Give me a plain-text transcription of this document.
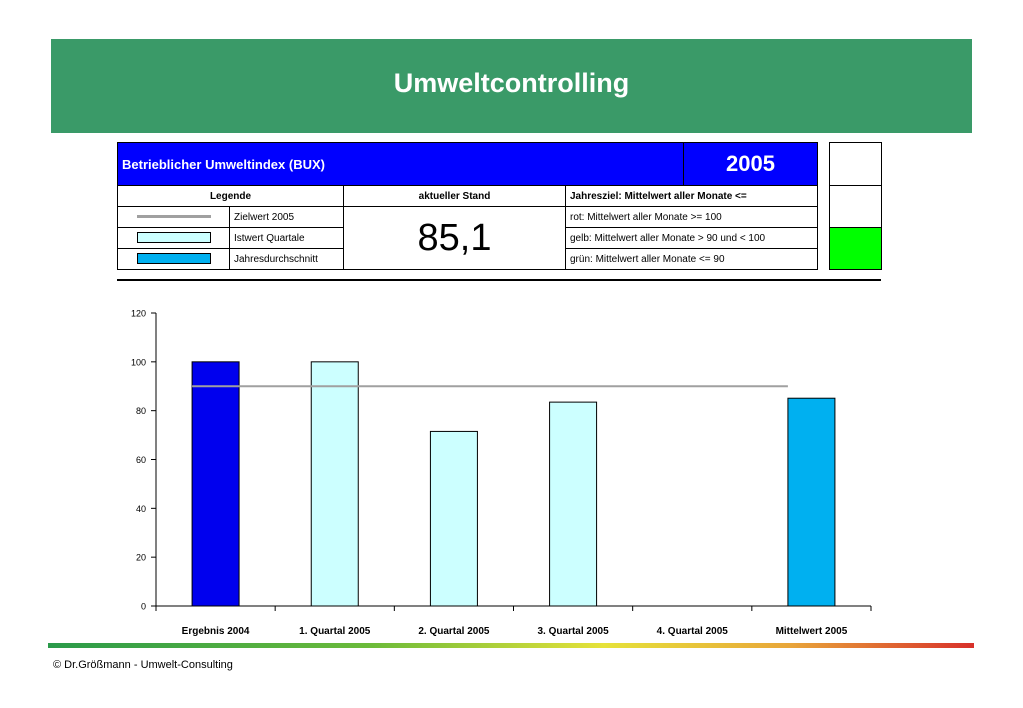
Umweltcontrolling
Betrieblicher Umweltindex (BUX)				2005		
Legende		aktueller Stand	Jahresziel: Mittelwert aller Monate <=			
	Zielwert 2005	85,1	rot: Mittelwert aller Monate >= 100			
	Istwert Quartale		gelb: Mittelwert aller Monate > 90 und < 100			
	Jahresdurchschnitt		grün: Mittelwert aller Monate <= 90			
0
20
40
60
80
100
120
Ergebnis 2004	1. Quartal 2005	2. Quartal 2005	3. Quartal 2005	4. Quartal 2005	Mittelwert 2005
© Dr.Größmann - Umwelt-Consulting
